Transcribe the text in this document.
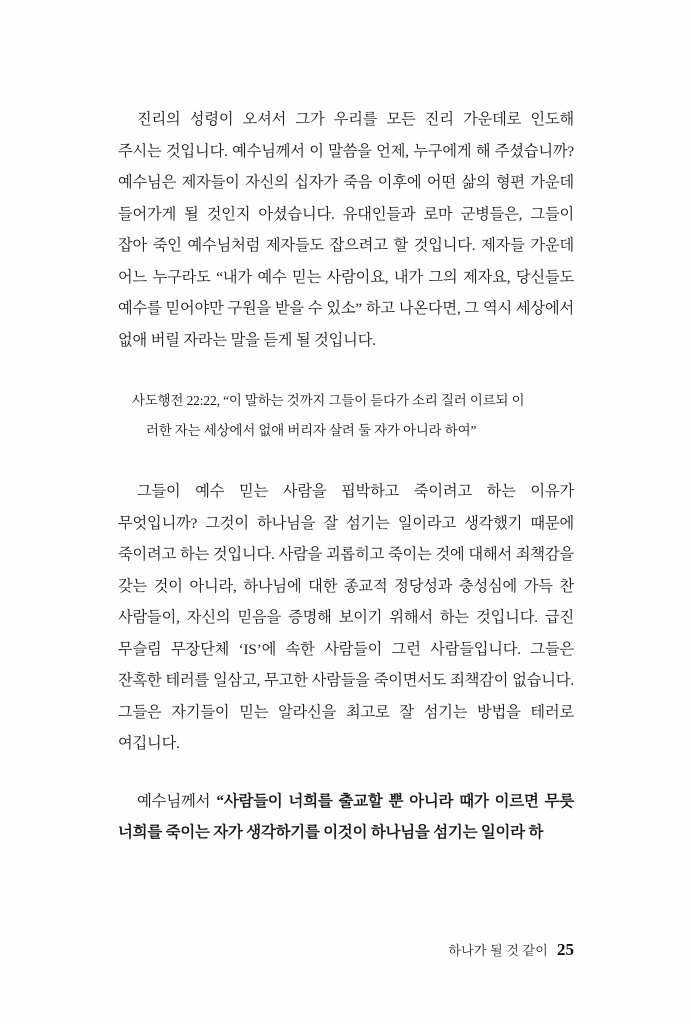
진리의 성령이 오셔서 그가 우리를 모든 진리 가운데로 인도해 주시는 것입니다. 예수님께서 이 말씀을 언제, 누구에게 해 주셨습니까? 예수님은 제자들이 자신의 십자가 죽음 이후에 어떤 삶의 형편 가운데 들어가게 될 것인지 아셨습니다. 유대인들과 로마 군병들은, 그들이 잡아 죽인 예수님처럼 제자들도 잡으려고 할 것입니다. 제자들 가운데 어느 누구라도 “내가 예수 믿는 사람이요, 내가 그의 제자요, 당신들도 예수를 믿어야만 구원을 받을 수 있소” 하고 나온다면, 그 역시 세상에서 없애 버릴 자라는 말을 듣게 될 것입니다.

사도행전 22:22, “이 말하는 것까지 그들이 듣다가 소리 질러 이르되 이
러한 자는 세상에서 없애 버리자 살려 둘 자가 아니라 하여”

그들이 예수 믿는 사람을 핍박하고 죽이려고 하는 이유가 무엇입니까? 그것이 하나님을 잘 섬기는 일이라고 생각했기 때문에 죽이려고 하는 것입니다. 사람을 괴롭히고 죽이는 것에 대해서 죄책감을 갖는 것이 아니라, 하나님에 대한 종교적 정당성과 충성심에 가득 찬 사람들이, 자신의 믿음을 증명해 보이기 위해서 하는 것입니다. 급진 무슬림 무장단체 ‘IS’에 속한 사람들이 그런 사람들입니다. 그들은 잔혹한 테러를 일삼고, 무고한 사람들을 죽이면서도 죄책감이 없습니다. 그들은 자기들이 믿는 알라신을 최고로 잘 섬기는 방법을 테러로 여깁니다.

예수님께서 “사람들이 너희를 출교할 뿐 아니라 때가 이르면 무릇 너희를 죽이는 자가 생각하기를 이것이 하나님을 섬기는 일이라 하

하나가 될 것 같이 25
